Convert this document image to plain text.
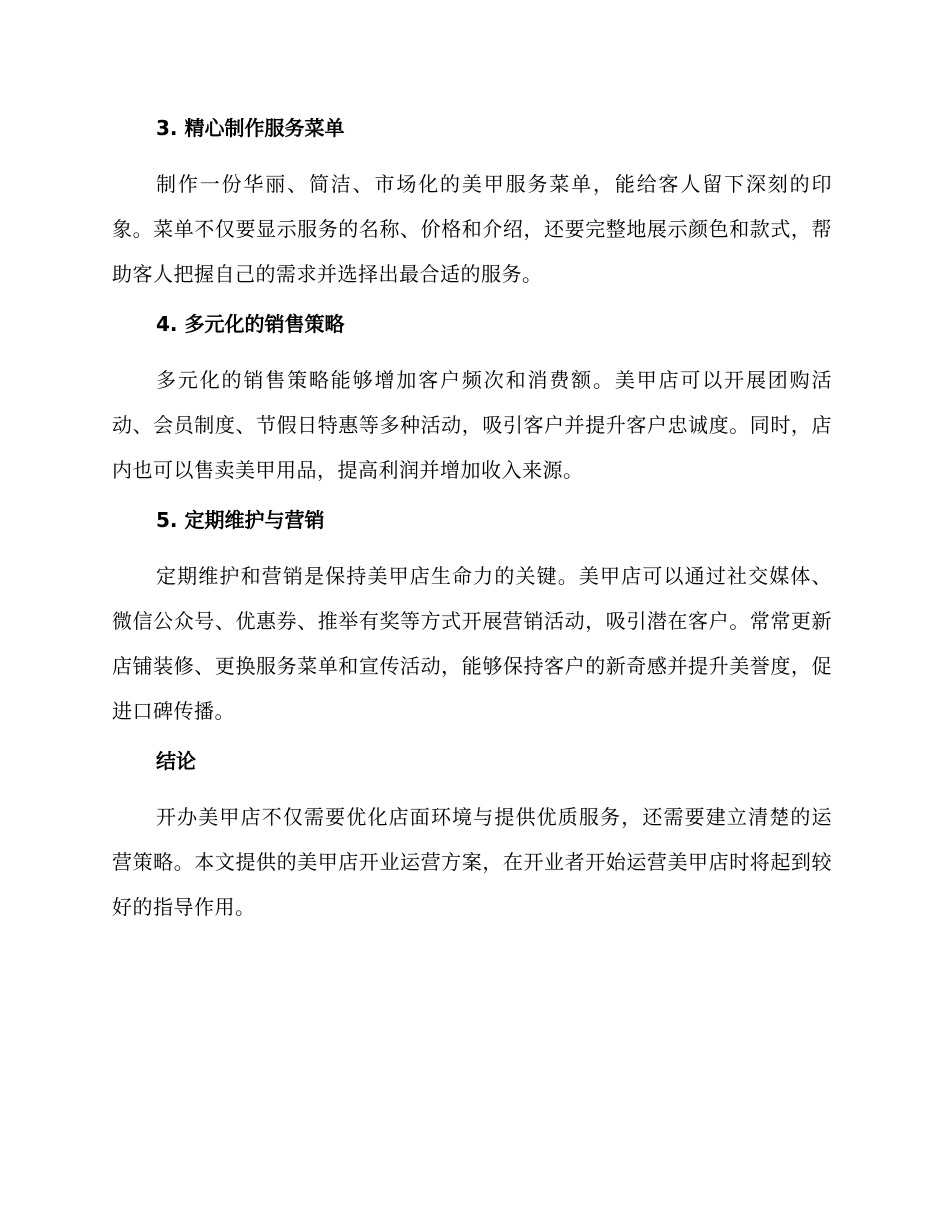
3. 精心制作服务菜单

制作一份华丽、简洁、市场化的美甲服务菜单，能给客人留下深刻的印象。菜单不仅要显示服务的名称、价格和介绍，还要完整地展示颜色和款式，帮助客人把握自己的需求并选择出最合适的服务。

4. 多元化的销售策略

多元化的销售策略能够增加客户频次和消费额。美甲店可以开展团购活动、会员制度、节假日特惠等多种活动，吸引客户并提升客户忠诚度。同时，店内也可以售卖美甲用品，提高利润并增加收入来源。

5. 定期维护与营销

定期维护和营销是保持美甲店生命力的关键。美甲店可以通过社交媒体、微信公众号、优惠券、推举有奖等方式开展营销活动，吸引潜在客户。常常更新店铺装修、更换服务菜单和宣传活动，能够保持客户的新奇感并提升美誉度，促进口碑传播。

结论

开办美甲店不仅需要优化店面环境与提供优质服务，还需要建立清楚的运营策略。本文提供的美甲店开业运营方案，在开业者开始运营美甲店时将起到较好的指导作用。
